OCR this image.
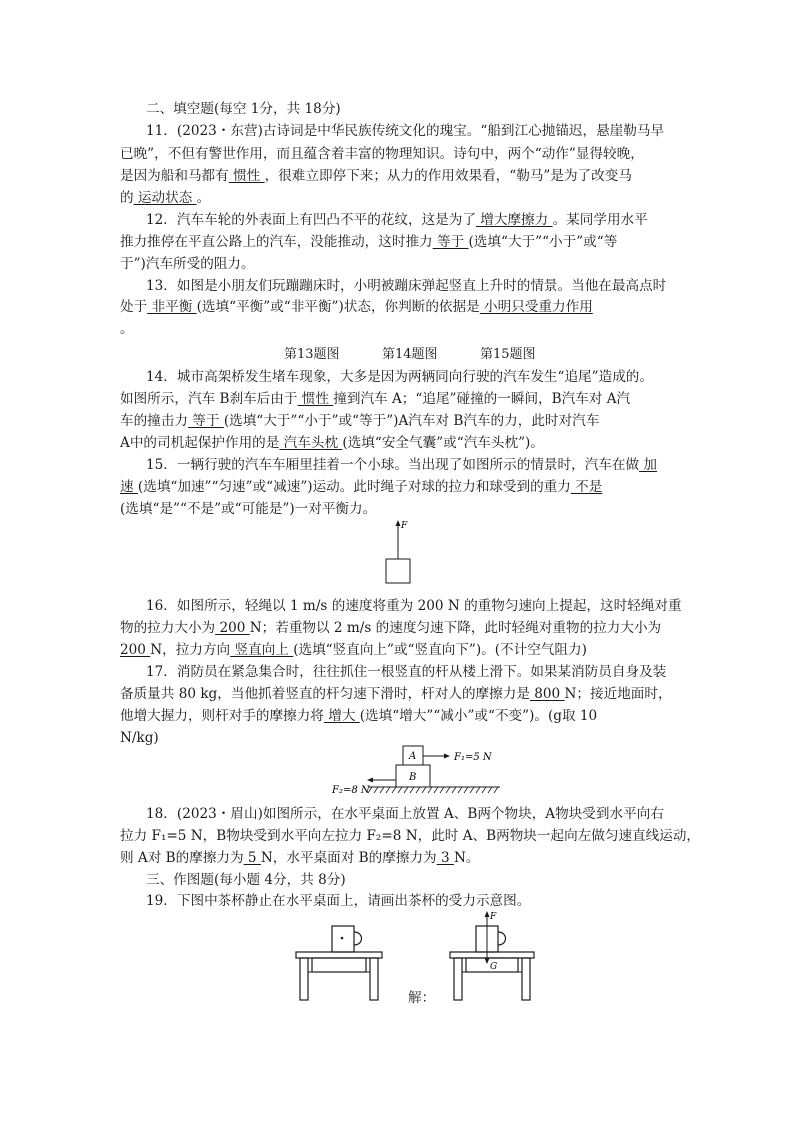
二、填空题(每空 1分，共 18分)
11．(2023・东营)古诗词是中华民族传统文化的瑰宝。“船到江心抛锚迟，悬崖勒马早
已晚”，不但有警世作用，而且蕴含着丰富的物理知识。诗句中，两个“动作”显得较晚，
是因为船和马都有 惯性 ，很难立即停下来；从力的作用效果看，“勒马”是为了改变马
的 运动状态 。
12．汽车车轮的外表面上有凹凸不平的花纹，这是为了 增大摩擦力 。某同学用水平
推力推停在平直公路上的汽车，没能推动，这时推力 等于 (选填“大于”“小于”或“等
于”)汽车所受的阻力。
13．如图是小朋友们玩蹦蹦床时，小明被蹦床弹起竖直上升时的情景。当他在最高点时
处于 非平衡 (选填“平衡”或“非平衡”)状态，你判断的依据是 小明只受重力作用
。
第13题图	第14题图	第15题图
14．城市高架桥发生堵车现象，大多是因为两辆同向行驶的汽车发生“追尾”造成的。
如图所示，汽车 B刹车后由于 惯性 撞到汽车 A；“追尾”碰撞的一瞬间，B汽车对 A汽
车的撞击力 等于 (选填“大于”“小于”或“等于”)A汽车对 B汽车的力，此时对汽车
A中的司机起保护作用的是 汽车头枕 (选填“安全气囊”或“汽车头枕”)。
15．一辆行驶的汽车车厢里挂着一个小球。当出现了如图所示的情景时，汽车在做 加
速 (选填“加速”“匀速”或“减速”)运动。此时绳子对球的拉力和球受到的重力 不是
(选填“是”“不是”或“可能是”)一对平衡力。
F
16．如图所示，轻绳以 1 m/s 的速度将重为 200 N 的重物匀速向上提起，这时轻绳对重
物的拉力大小为 200 N；若重物以 2 m/s 的速度匀速下降，此时轻绳对重物的拉力大小为
200 N，拉力方向 竖直向上 (选填“竖直向上”或“竖直向下”)。(不计空气阻力)
17．消防员在紧急集合时，往往抓住一根竖直的杆从楼上滑下。如果某消防员自身及装
备质量共 80 kg，当他抓着竖直的杆匀速下滑时，杆对人的摩擦力是 800 N；接近地面时，
他增大握力，则杆对手的摩擦力将 增大 (选填“增大”“减小”或“不变”)。(g取 10
N/kg)
A
B
F₁=5 N
F₂=8 N
18．(2023・眉山)如图所示，在水平桌面上放置 A、B两个物块，A物块受到水平向右
拉力 F₁=5 N，B物块受到水平向左拉力 F₂=8 N，此时 A、B两物块一起向左做匀速直线运动，
则 A对 B的摩擦力为 5 N，水平桌面对 B的摩擦力为 3 N。
三、作图题(每小题 4分，共 8分)
19．下图中茶杯静止在水平桌面上，请画出茶杯的受力示意图。
F
G
解：
